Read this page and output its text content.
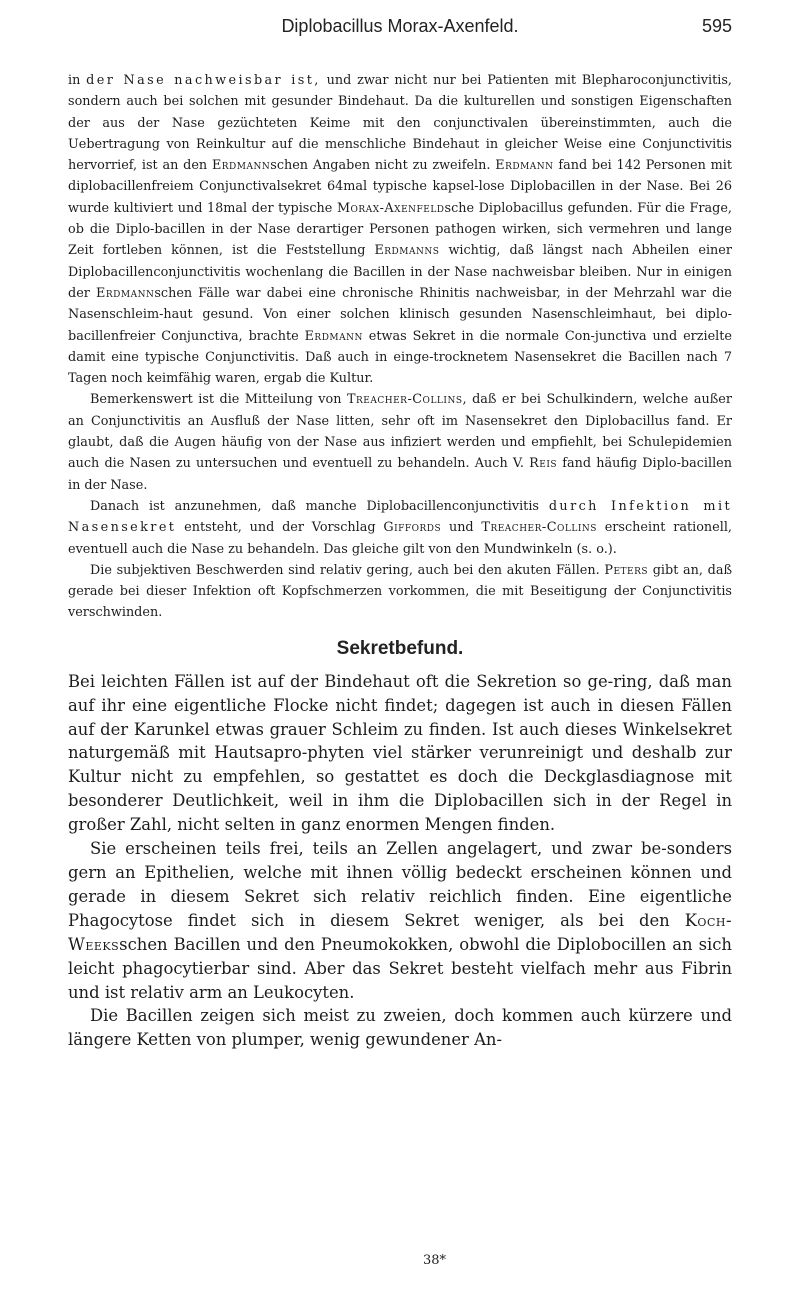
Diplobacillus Morax-Axenfeld.	595

in der Nase nachweisbar ist, und zwar nicht nur bei Patienten mit Blepharoconjunctivitis, sondern auch bei solchen mit gesunder Bindehaut. Da die kulturellen und sonstigen Eigenschaften der aus der Nase gezüchteten Keime mit den conjunctivalen übereinstimmten, auch die Uebertragung von Reinkultur auf die menschliche Bindehaut in gleicher Weise eine Conjunctivitis hervorrief, ist an den Erdmannschen Angaben nicht zu zweifeln. Erdmann fand bei 142 Personen mit diplobacillenfreiem Conjunctivalsekret 64mal typische kapsel-lose Diplobacillen in der Nase. Bei 26 wurde kultiviert und 18mal der typische Morax-Axenfeldsche Diplobacillus gefunden. Für die Frage, ob die Diplo-bacillen in der Nase derartiger Personen pathogen wirken, sich vermehren und lange Zeit fortleben können, ist die Feststellung Erdmanns wichtig, daß längst nach Abheilen einer Diplobacillenconjunctivitis wochenlang die Bacillen in der Nase nachweisbar bleiben. Nur in einigen der Erdmannschen Fälle war dabei eine chronische Rhinitis nachweisbar, in der Mehrzahl war die Nasenschleim-haut gesund. Von einer solchen klinisch gesunden Nasenschleimhaut, bei diplo-bacillenfreier Conjunctiva, brachte Erdmann etwas Sekret in die normale Con-junctiva und erzielte damit eine typische Conjunctivitis. Daß auch in einge-trocknetem Nasensekret die Bacillen nach 7 Tagen noch keimfähig waren, ergab die Kultur.

Bemerkenswert ist die Mitteilung von Treacher-Collins, daß er bei Schulkindern, welche außer an Conjunctivitis an Ausfluß der Nase litten, sehr oft im Nasensekret den Diplobacillus fand. Er glaubt, daß die Augen häufig von der Nase aus infiziert werden und empfiehlt, bei Schulepidemien auch die Nasen zu untersuchen und eventuell zu behandeln. Auch V. Reis fand häufig Diplo-bacillen in der Nase.

Danach ist anzunehmen, daß manche Diplobacillenconjunctivitis durch Infektion mit Nasensekret entsteht, und der Vorschlag Giffords und Treacher-Collins erscheint rationell, eventuell auch die Nase zu behandeln. Das gleiche gilt von den Mundwinkeln (s. o.).

Die subjektiven Beschwerden sind relativ gering, auch bei den akuten Fällen. Peters gibt an, daß gerade bei dieser Infektion oft Kopfschmerzen vorkommen, die mit Beseitigung der Conjunctivitis verschwinden.

Sekretbefund.

Bei leichten Fällen ist auf der Bindehaut oft die Sekretion so ge-ring, daß man auf ihr eine eigentliche Flocke nicht findet; dagegen ist auch in diesen Fällen auf der Karunkel etwas grauer Schleim zu finden. Ist auch dieses Winkelsekret naturgemäß mit Hautsapro-phyten viel stärker verunreinigt und deshalb zur Kultur nicht zu empfehlen, so gestattet es doch die Deckglasdiagnose mit besonderer Deutlichkeit, weil in ihm die Diplobacillen sich in der Regel in großer Zahl, nicht selten in ganz enormen Mengen finden.

Sie erscheinen teils frei, teils an Zellen angelagert, und zwar be-sonders gern an Epithelien, welche mit ihnen völlig bedeckt erscheinen können und gerade in diesem Sekret sich relativ reichlich finden. Eine eigentliche Phagocytose findet sich in diesem Sekret weniger, als bei den Koch-Weeksschen Bacillen und den Pneumokokken, obwohl die Diplobocillen an sich leicht phagocytierbar sind. Aber das Sekret besteht vielfach mehr aus Fibrin und ist relativ arm an Leukocyten.

Die Bacillen zeigen sich meist zu zweien, doch kommen auch kürzere und längere Ketten von plumper, wenig gewundener An-

38*
